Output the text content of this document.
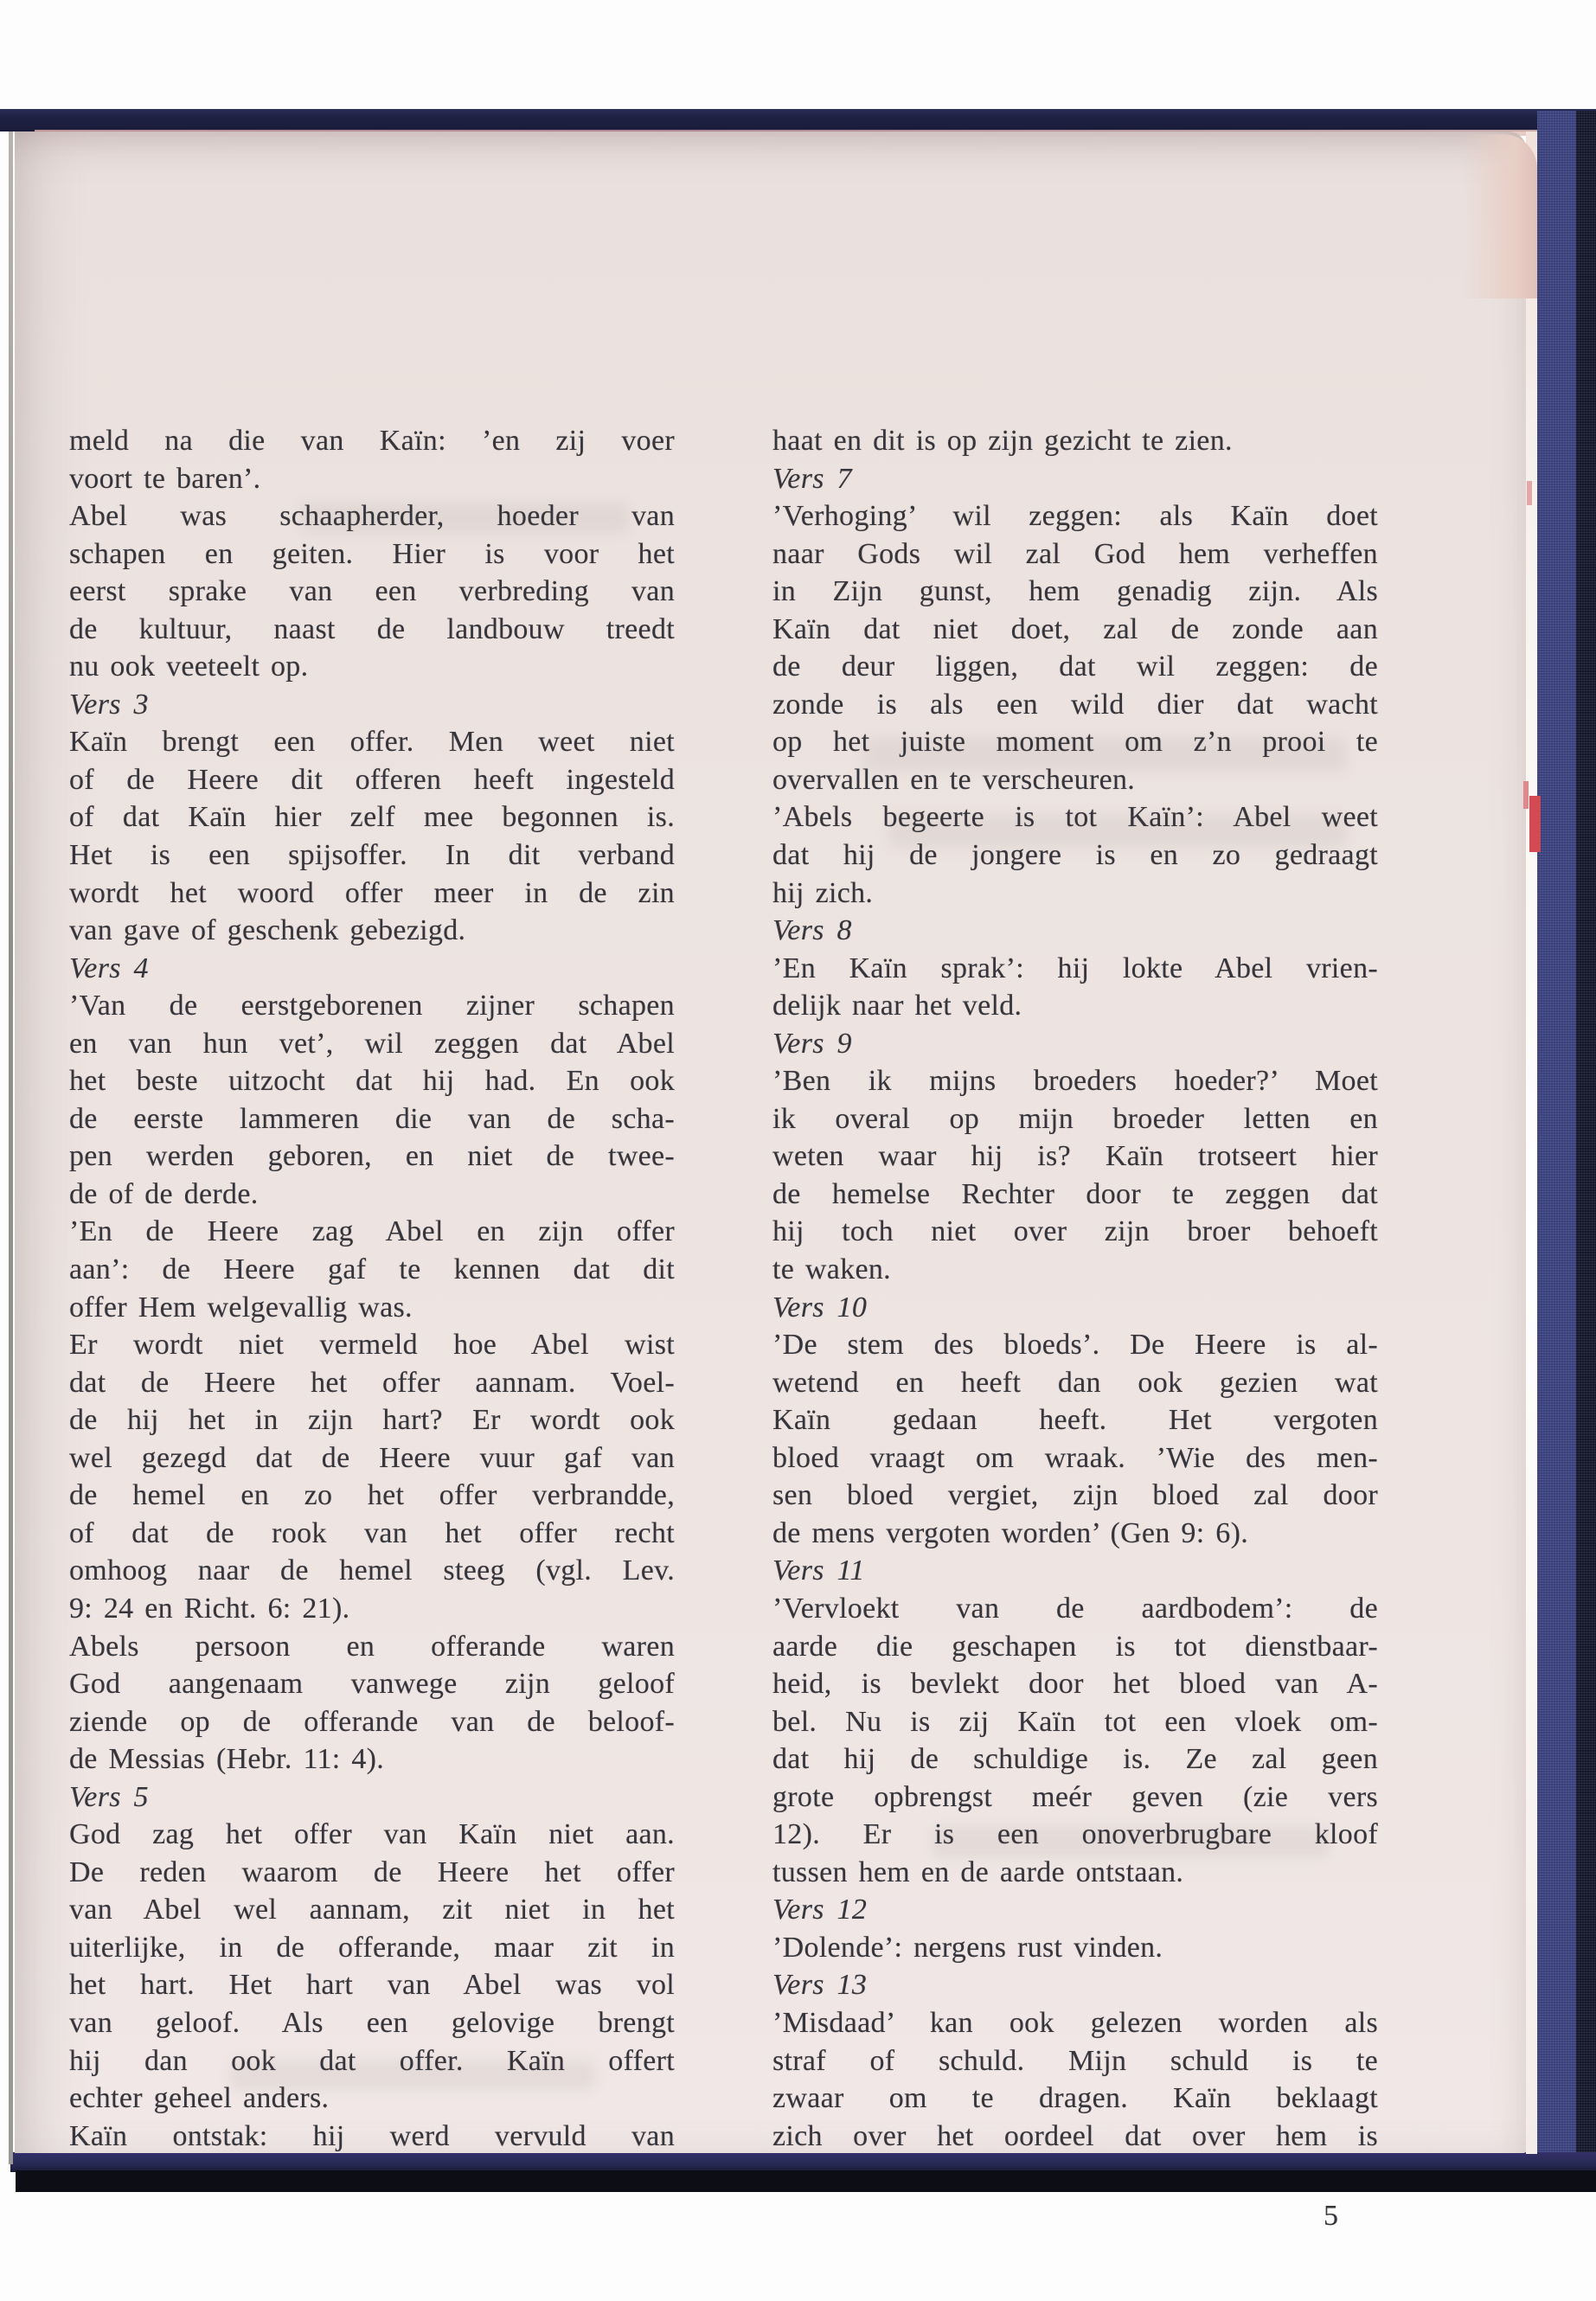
meld na die van Kaïn: ’en zij voer
voort te baren’.
Abel was schaapherder, hoeder van
schapen en geiten. Hier is voor het
eerst sprake van een verbreding van
de kultuur, naast de landbouw treedt
nu ook veeteelt op.
Vers 3
Kaïn brengt een offer. Men weet niet
of de Heere dit offeren heeft ingesteld
of dat Kaïn hier zelf mee begonnen is.
Het is een spijsoffer. In dit verband
wordt het woord offer meer in de zin
van gave of geschenk gebezigd.
Vers 4
’Van de eerstgeborenen zijner schapen
en van hun vet’, wil zeggen dat Abel
het beste uitzocht dat hij had. En ook
de eerste lammeren die van de scha-
pen werden geboren, en niet de twee-
de of de derde.
’En de Heere zag Abel en zijn offer
aan’: de Heere gaf te kennen dat dit
offer Hem welgevallig was.
Er wordt niet vermeld hoe Abel wist
dat de Heere het offer aannam. Voel-
de hij het in zijn hart? Er wordt ook
wel gezegd dat de Heere vuur gaf van
de hemel en zo het offer verbrandde,
of dat de rook van het offer recht
omhoog naar de hemel steeg (vgl. Lev.
9: 24 en Richt. 6: 21).
Abels persoon en offerande waren
God aangenaam vanwege zijn geloof
ziende op de offerande van de beloof-
de Messias (Hebr. 11: 4).
Vers 5
God zag het offer van Kaïn niet aan.
De reden waarom de Heere het offer
van Abel wel aannam, zit niet in het
uiterlijke, in de offerande, maar zit in
het hart. Het hart van Abel was vol
van geloof. Als een gelovige brengt
hij dan ook dat offer. Kaïn offert
echter geheel anders.
Kaïn ontstak: hij werd vervuld van
haat en dit is op zijn gezicht te zien.
Vers 7
’Verhoging’ wil zeggen: als Kaïn doet
naar Gods wil zal God hem verheffen
in Zijn gunst, hem genadig zijn. Als
Kaïn dat niet doet, zal de zonde aan
de deur liggen, dat wil zeggen: de
zonde is als een wild dier dat wacht
op het juiste moment om z’n prooi te
overvallen en te verscheuren.
’Abels begeerte is tot Kaïn’: Abel weet
dat hij de jongere is en zo gedraagt
hij zich.
Vers 8
’En Kaïn sprak’: hij lokte Abel vrien-
delijk naar het veld.
Vers 9
’Ben ik mijns broeders hoeder?’ Moet
ik overal op mijn broeder letten en
weten waar hij is? Kaïn trotseert hier
de hemelse Rechter door te zeggen dat
hij toch niet over zijn broer behoeft
te waken.
Vers 10
’De stem des bloeds’. De Heere is al-
wetend en heeft dan ook gezien wat
Kaïn gedaan heeft. Het vergoten
bloed vraagt om wraak. ’Wie des men-
sen bloed vergiet, zijn bloed zal door
de mens vergoten worden’ (Gen 9: 6).
Vers 11
’Vervloekt van de aardbodem’: de
aarde die geschapen is tot dienstbaar-
heid, is bevlekt door het bloed van A-
bel. Nu is zij Kaïn tot een vloek om-
dat hij de schuldige is. Ze zal geen
grote opbrengst meér geven (zie vers
12). Er is een onoverbrugbare kloof
tussen hem en de aarde ontstaan.
Vers 12
’Dolende’: nergens rust vinden.
Vers 13
’Misdaad’ kan ook gelezen worden als
straf of schuld. Mijn schuld is te
zwaar om te dragen. Kaïn beklaagt
zich over het oordeel dat over hem is
5
